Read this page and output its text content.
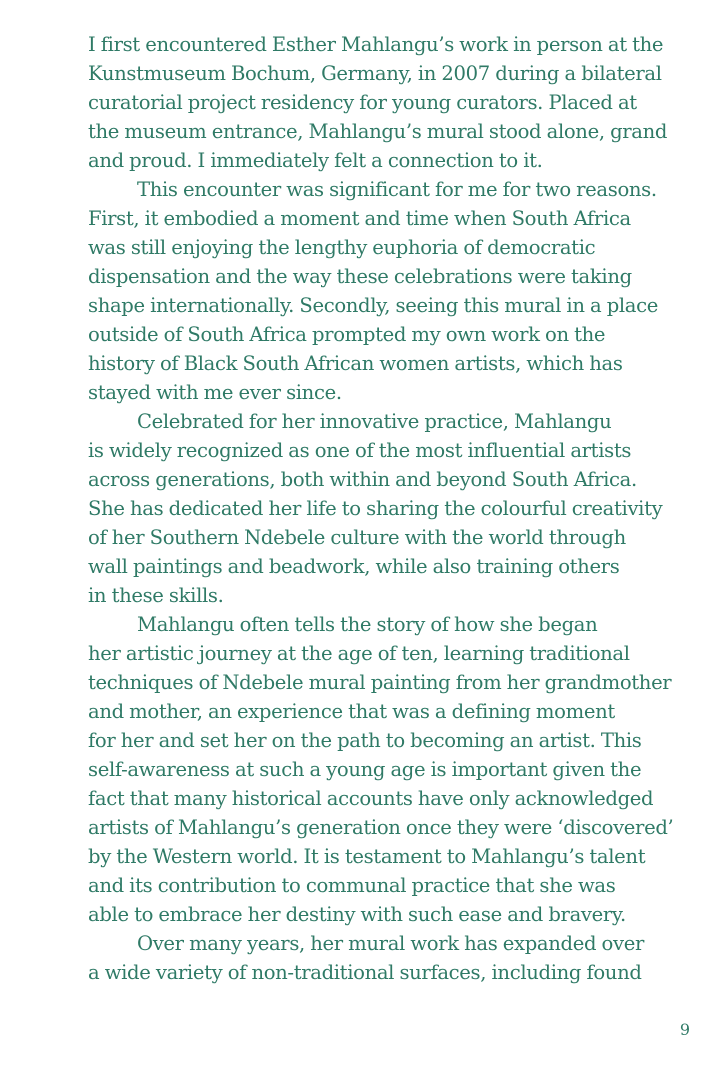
I first encountered Esther Mahlangu’s work in person at the
Kunstmuseum Bochum, Germany, in 2007 during a bilateral
curatorial project residency for young curators. Placed at
the museum entrance, Mahlangu’s mural stood alone, grand
and proud. I immediately felt a connection to it.

This encounter was significant for me for two reasons.
First, it embodied a moment and time when South Africa
was still enjoying the lengthy euphoria of democratic
dispensation and the way these celebrations were taking
shape internationally. Secondly, seeing this mural in a place
outside of South Africa prompted my own work on the
history of Black South African women artists, which has
stayed with me ever since.

Celebrated for her innovative practice, Mahlangu
is widely recognized as one of the most influential artists
across generations, both within and beyond South Africa.
She has dedicated her life to sharing the colourful creativity
of her Southern Ndebele culture with the world through
wall paintings and beadwork, while also training others
in these skills.

Mahlangu often tells the story of how she began
her artistic journey at the age of ten, learning traditional
techniques of Ndebele mural painting from her grandmother
and mother, an experience that was a defining moment
for her and set her on the path to becoming an artist. This
self-awareness at such a young age is important given the
fact that many historical accounts have only acknowledged
artists of Mahlangu’s generation once they were ‘discovered’
by the Western world. It is testament to Mahlangu’s talent
and its contribution to communal practice that she was
able to embrace her destiny with such ease and bravery.

Over many years, her mural work has expanded over
a wide variety of non-traditional surfaces, including found

9
